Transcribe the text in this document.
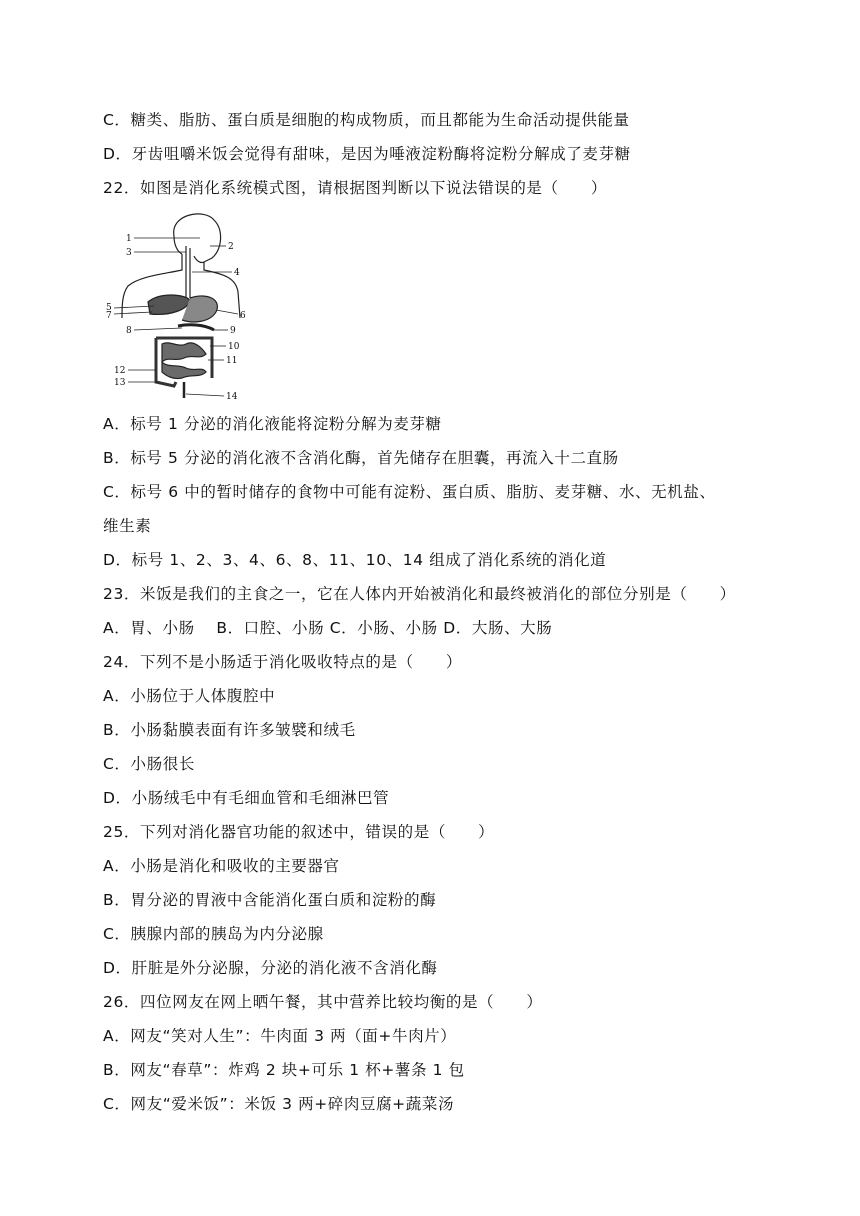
C．糖类、脂肪、蛋白质是细胞的构成物质，而且都能为生命活动提供能量
D．牙齿咀嚼米饭会觉得有甜味，是因为唾液淀粉酶将淀粉分解成了麦芽糖
22．如图是消化系统模式图，请根据图判断以下说法错误的是（　　）
1
2
3
4
5
6
7
8	9
10
11
12
13
14
A．标号 1 分泌的消化液能将淀粉分解为麦芽糖
B．标号 5 分泌的消化液不含消化酶，首先储存在胆囊，再流入十二直肠
C．标号 6 中的暂时储存的食物中可能有淀粉、蛋白质、脂肪、麦芽糖、水、无机盐、
维生素
D．标号 1、2、3、4、6、8、11、10、14 组成了消化系统的消化道
23．米饭是我们的主食之一，它在人体内开始被消化和最终被消化的部位分别是（　　）
A．胃、小肠　 B．口腔、小肠 C．小肠、小肠 D．大肠、大肠
24．下列不是小肠适于消化吸收特点的是（　　）
A．小肠位于人体腹腔中
B．小肠黏膜表面有许多皱襞和绒毛
C．小肠很长
D．小肠绒毛中有毛细血管和毛细淋巴管
25．下列对消化器官功能的叙述中，错误的是（　　）
A．小肠是消化和吸收的主要器官
B．胃分泌的胃液中含能消化蛋白质和淀粉的酶
C．胰腺内部的胰岛为内分泌腺
D．肝脏是外分泌腺，分泌的消化液不含消化酶
26．四位网友在网上晒午餐，其中营养比较均衡的是（　　）
A．网友“笑对人生”：牛肉面 3 两（面+牛肉片）
B．网友“春草”：炸鸡 2 块+可乐 1 杯+薯条 1 包
C．网友“爱米饭”：米饭 3 两+碎肉豆腐+蔬菜汤
